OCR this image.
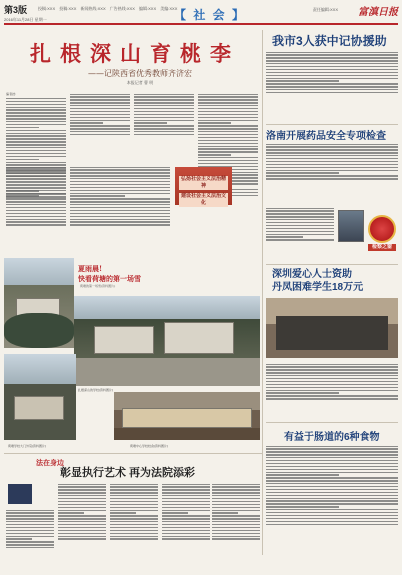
第3版
2016年11月28日 星期一
投稿:XXX 投稿:XXX 新闻热线:XXX 广告热线:XXX 编辑:XXX 美编:XXX
【 社 会 】	责任编辑:XXX 富滇日报
扎根深山育桃李
——记陕西省优秀教师齐济宏
本报记者 曹 明
编者按:
弘扬社会主义法治精神
建设社会主义法治文化
夏雨晨!
快看荷塘的第一场雪
荷塘的第一场雪(资料图片)
扎根深山的学校(资料图片)
荷塘学校大门外景(资料图片)	荷塘中心学校校舍(资料图片)
法在身边
彰显执行艺术 再为法院添彩
我市3人获中记协援助
洛南开展药品安全专项检查
检察之窗
深圳爱心人士资助
丹凤困难学生18万元
有益于肠道的6种食物
